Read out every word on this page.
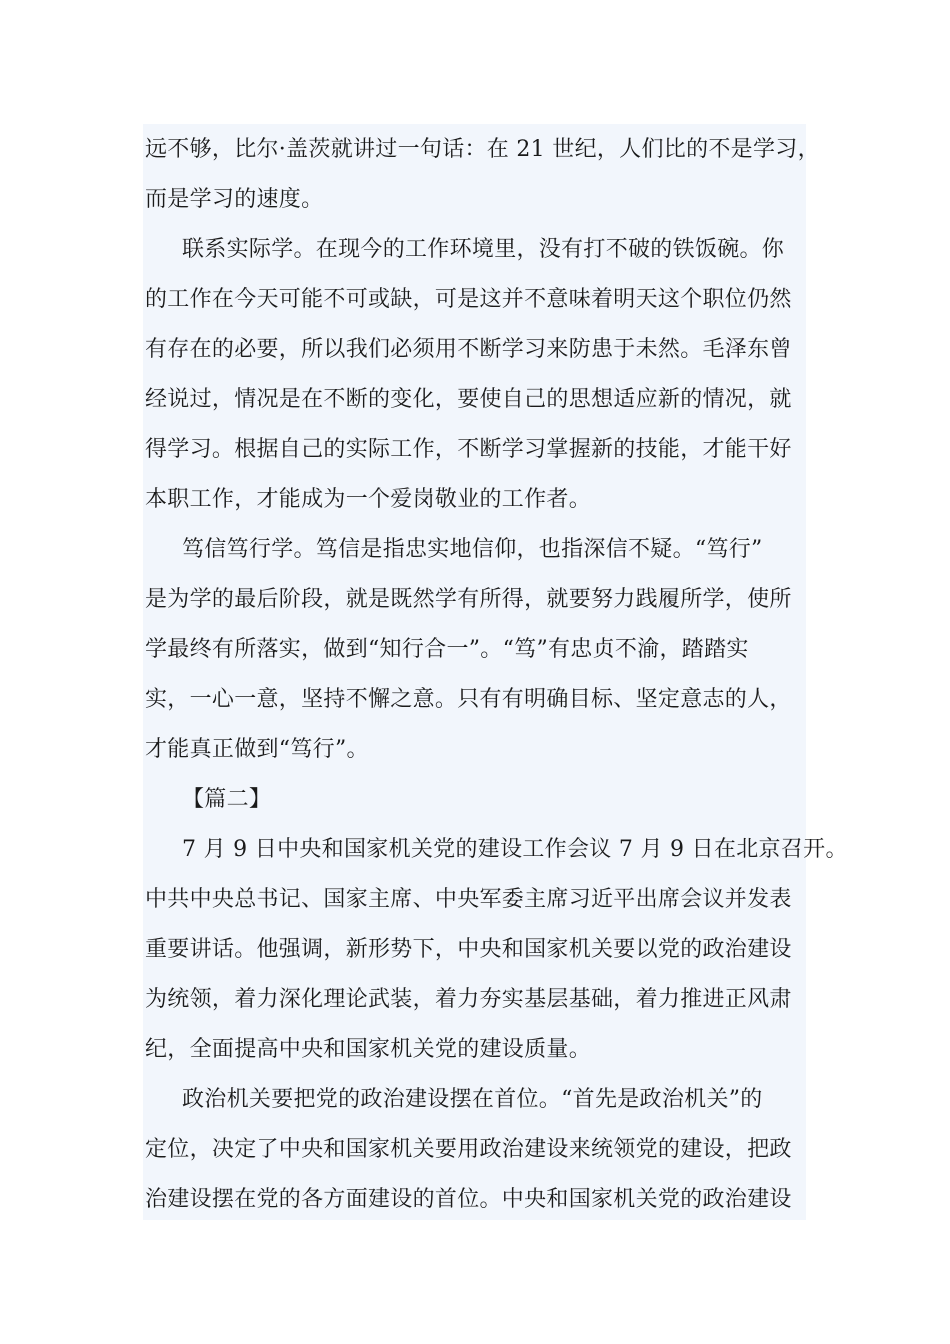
远不够，比尔·盖茨就讲过一句话：在 21 世纪，人们比的不是学习，
而是学习的速度。
联系实际学。在现今的工作环境里，没有打不破的铁饭碗。你
的工作在今天可能不可或缺，可是这并不意味着明天这个职位仍然
有存在的必要，所以我们必须用不断学习来防患于未然。毛泽东曾
经说过，情况是在不断的变化，要使自己的思想适应新的情况，就
得学习。根据自己的实际工作，不断学习掌握新的技能，才能干好
本职工作，才能成为一个爱岗敬业的工作者。
笃信笃行学。笃信是指忠实地信仰，也指深信不疑。“笃行”
是为学的最后阶段，就是既然学有所得，就要努力践履所学，使所
学最终有所落实，做到“知行合一”。“笃”有忠贞不渝，踏踏实
实，一心一意，坚持不懈之意。只有有明确目标、坚定意志的人，
才能真正做到“笃行”。
【篇二】
7 月 9 日中央和国家机关党的建设工作会议 7 月 9 日在北京召开。
中共中央总书记、国家主席、中央军委主席习近平出席会议并发表
重要讲话。他强调，新形势下，中央和国家机关要以党的政治建设
为统领，着力深化理论武装，着力夯实基层基础，着力推进正风肃
纪，全面提高中央和国家机关党的建设质量。
政治机关要把党的政治建设摆在首位。“首先是政治机关”的
定位，决定了中央和国家机关要用政治建设来统领党的建设，把政
治建设摆在党的各方面建设的首位。中央和国家机关党的政治建设
